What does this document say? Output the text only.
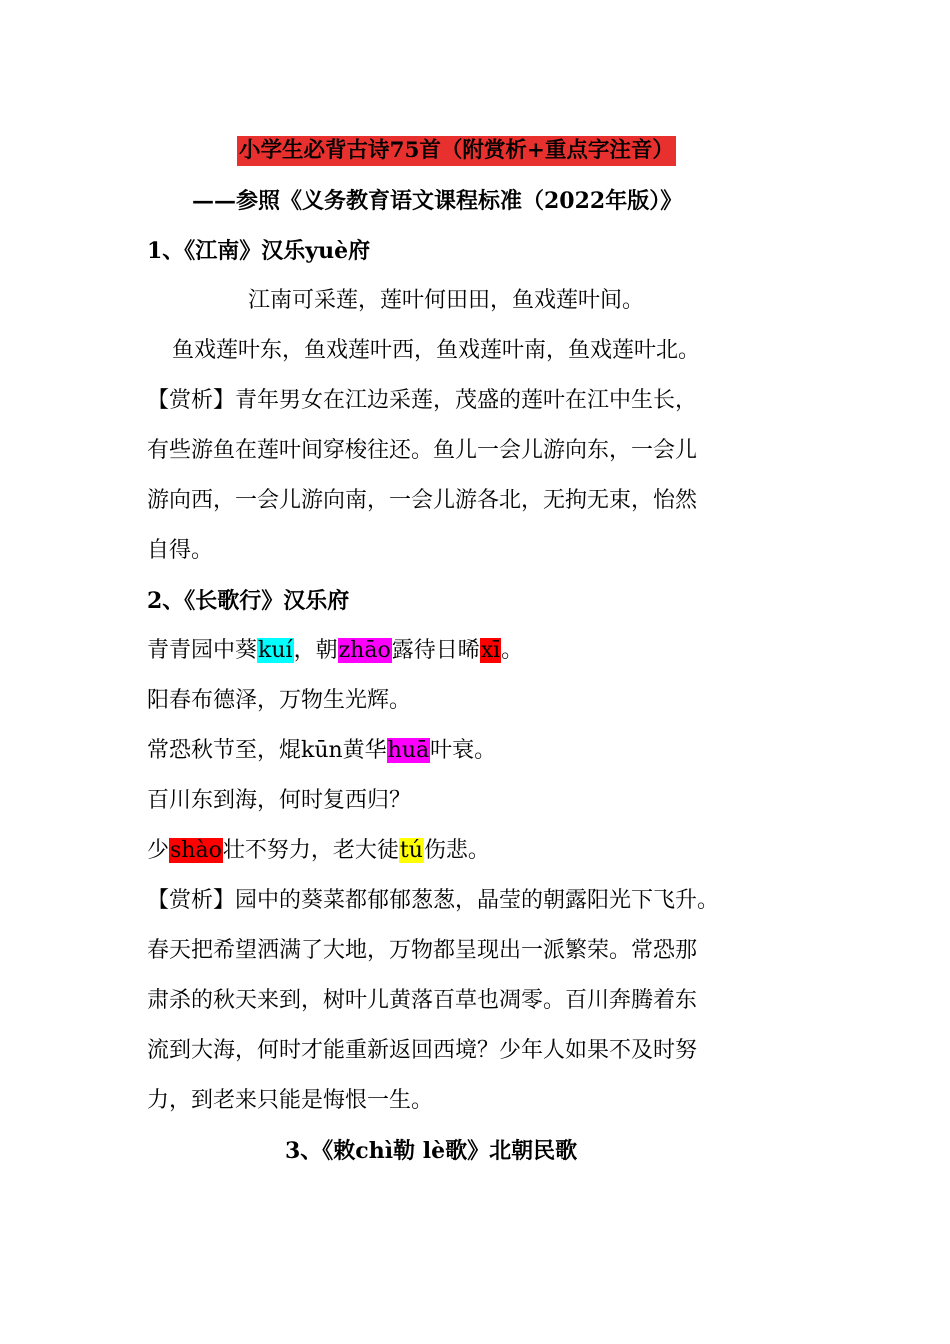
小学生必背古诗75首（附赏析+重点字注音）
——参照《义务教育语文课程标准（2022年版）》
1、《江南》汉乐yuè府
江南可采莲，莲叶何田田，鱼戏莲叶间。
鱼戏莲叶东，鱼戏莲叶西，鱼戏莲叶南，鱼戏莲叶北。
【赏析】青年男女在江边采莲，茂盛的莲叶在江中生长，
有些游鱼在莲叶间穿梭往还。鱼儿一会儿游向东，一会儿
游向西，一会儿游向南，一会儿游各北，无拘无束，怡然
自得。
2、《长歌行》汉乐府
青青园中葵kuí，朝zhāo露待日晞xī。
阳春布德泽，万物生光辉。
常恐秋节至，焜kūn黄华huā叶衰。
百川东到海，何时复西归？
少shào壮不努力，老大徒tú伤悲。
【赏析】园中的葵菜都郁郁葱葱，晶莹的朝露阳光下飞升。
春天把希望洒满了大地，万物都呈现出一派繁荣。常恐那
肃杀的秋天来到，树叶儿黄落百草也凋零。百川奔腾着东
流到大海，何时才能重新返回西境？少年人如果不及时努
力，到老来只能是悔恨一生。
3、《敕chì勒 lè歌》北朝民歌
